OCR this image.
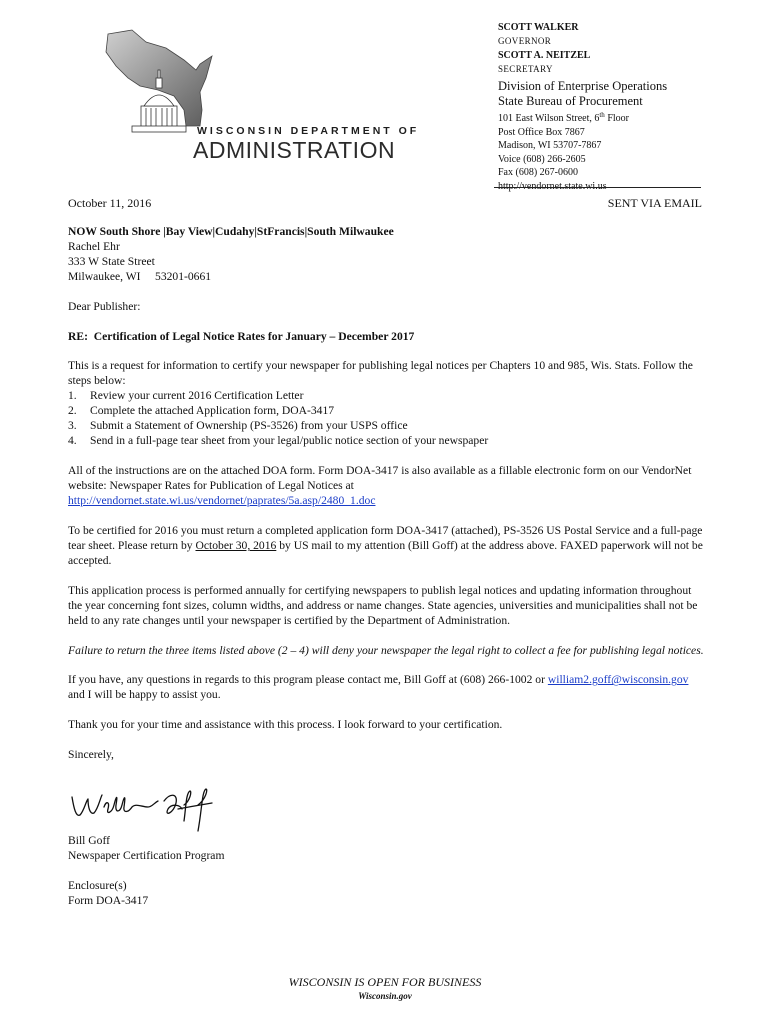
WISCONSIN DEPARTMENT OF
ADMINISTRATION
SCOTT WALKER
GOVERNOR
SCOTT A. NEITZEL
SECRETARY
Division of Enterprise Operations
State Bureau of Procurement
101 East Wilson Street, 6th Floor
Post Office Box 7867
Madison, WI 53707-7867
Voice (608) 266-2605
Fax (608) 267-0600
http://vendornet.state.wi.us
October 11, 2016	SENT VIA EMAIL
NOW South Shore |Bay View|Cudahy|StFrancis|South Milwaukee
Rachel Ehr
333 W State Street
Milwaukee, WI     53201-0661

Dear Publisher:

RE:  Certification of Legal Notice Rates for January – December 2017

This is a request for information to certify your newspaper for publishing legal notices per Chapters 10 and 985, Wis. Stats. Follow the steps below:
1. Review your current 2016 Certification Letter
2. Complete the attached Application form, DOA-3417
3. Submit a Statement of Ownership (PS-3526) from your USPS office
4. Send in a full-page tear sheet from your legal/public notice section of your newspaper

All of the instructions are on the attached DOA form. Form DOA-3417 is also available as a fillable electronic form on our VendorNet website: Newspaper Rates for Publication of Legal Notices at
http://vendornet.state.wi.us/vendornet/paprates/5a.asp/2480_1.doc

To be certified for 2016 you must return a completed application form DOA-3417 (attached), PS-3526 US Postal Service and a full-page tear sheet. Please return by October 30, 2016 by US mail to my attention (Bill Goff) at the address above. FAXED paperwork will not be accepted.

This application process is performed annually for certifying newspapers to publish legal notices and updating information throughout the year concerning font sizes, column widths, and address or name changes. State agencies, universities and municipalities shall not be held to any rate changes until your newspaper is certified by the Department of Administration.

Failure to return the three items listed above (2 – 4) will deny your newspaper the legal right to collect a fee for publishing legal notices.

If you have, any questions in regards to this program please contact me, Bill Goff at (608) 266-1002 or william2.goff@wisconsin.gov and I will be happy to assist you.

Thank you for your time and assistance with this process. I look forward to your certification.

Sincerely,

Bill Goff
Newspaper Certification Program
Enclosure(s)
Form DOA-3417
WISCONSIN IS OPEN FOR BUSINESS
Wisconsin.gov
